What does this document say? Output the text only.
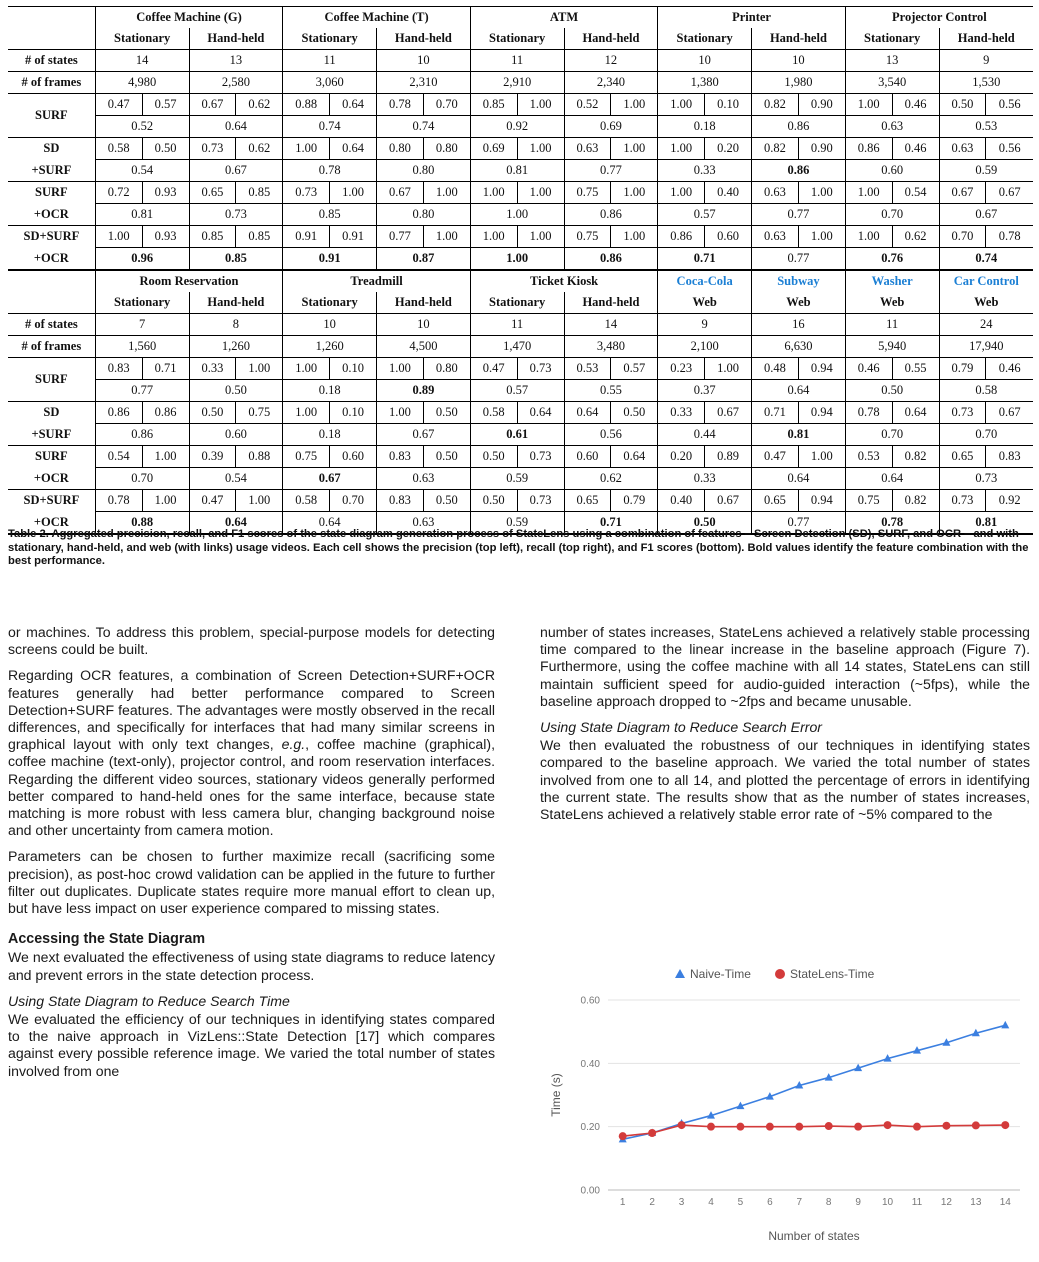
	Coffee Machine (G)				Coffee Machine (T)				ATM				Printer				Projector Control			
	Stationary		Hand-held		Stationary		Hand-held		Stationary		Hand-held		Stationary		Hand-held		Stationary		Hand-held	
# of states	14		13		11		10		11		12		10		10		13		9	
# of frames	4,980		2,580		3,060		2,310		2,910		2,340		1,380		1,980		3,540		1,530	
SURF	0.47	0.57	0.67	0.62	0.88	0.64	0.78	0.70	0.85	1.00	0.52	1.00	1.00	0.10	0.82	0.90	1.00	0.46	0.50	0.56
	0.52		0.64		0.74		0.74		0.92		0.69		0.18		0.86		0.63		0.53	
SD	0.58	0.50	0.73	0.62	1.00	0.64	0.80	0.80	0.69	1.00	0.63	1.00	1.00	0.20	0.82	0.90	0.86	0.46	0.63	0.56
+SURF	0.54		0.67		0.78		0.80		0.81		0.77		0.33		0.86		0.60		0.59	
SURF	0.72	0.93	0.65	0.85	0.73	1.00	0.67	1.00	1.00	1.00	0.75	1.00	1.00	0.40	0.63	1.00	1.00	0.54	0.67	0.67
+OCR	0.81		0.73		0.85		0.80		1.00		0.86		0.57		0.77		0.70		0.67	
SD+SURF	1.00	0.93	0.85	0.85	0.91	0.91	0.77	1.00	1.00	1.00	0.75	1.00	0.86	0.60	0.63	1.00	1.00	0.62	0.70	0.78
+OCR	0.96		0.85		0.91		0.87		1.00		0.86		0.71		0.77		0.76		0.74	
	Room Reservation				Treadmill				Ticket Kiosk				Coca-Cola		Subway		Washer		Car Control	
	Stationary		Hand-held		Stationary		Hand-held		Stationary		Hand-held		Web		Web		Web		Web	
# of states	7		8		10		10		11		14		9		16		11		24	
# of frames	1,560		1,260		1,260		4,500		1,470		3,480		2,100		6,630		5,940		17,940	
SURF	0.83	0.71	0.33	1.00	1.00	0.10	1.00	0.80	0.47	0.73	0.53	0.57	0.23	1.00	0.48	0.94	0.46	0.55	0.79	0.46
	0.77		0.50		0.18		0.89		0.57		0.55		0.37		0.64		0.50		0.58	
SD	0.86	0.86	0.50	0.75	1.00	0.10	1.00	0.50	0.58	0.64	0.64	0.50	0.33	0.67	0.71	0.94	0.78	0.64	0.73	0.67
+SURF	0.86		0.60		0.18		0.67		0.61		0.56		0.44		0.81		0.70		0.70	
SURF	0.54	1.00	0.39	0.88	0.75	0.60	0.83	0.50	0.50	0.73	0.60	0.64	0.20	0.89	0.47	1.00	0.53	0.82	0.65	0.83
+OCR	0.70		0.54		0.67		0.63		0.59		0.62		0.33		0.64		0.64		0.73	
SD+SURF	0.78	1.00	0.47	1.00	0.58	0.70	0.83	0.50	0.50	0.73	0.65	0.79	0.40	0.67	0.65	0.94	0.75	0.82	0.73	0.92
+OCR	0.88		0.64		0.64		0.63		0.59		0.71		0.50		0.77		0.78		0.81	
Table 2. Aggregated precision, recall, and F1 scores of the state diagram generation process of StateLens using a combination of features – Screen Detection (SD), SURF, and OCR – and with stationary, hand-held, and web (with links) usage videos. Each cell shows the precision (top left), recall (top right), and F1 scores (bottom). Bold values identify the feature combination with the best performance.

or machines. To address this problem, special-purpose models for detecting screens could be built.

Regarding OCR features, a combination of Screen Detection+SURF+OCR features generally had better performance compared to Screen Detection+SURF features. The advantages were mostly observed in the recall differences, and specifically for interfaces that had many similar screens in graphical layout with only text changes, e.g., coffee machine (graphical), coffee machine (text-only), projector control, and room reservation interfaces. Regarding the different video sources, stationary videos generally performed better compared to hand-held ones for the same interface, because state matching is more robust with less camera blur, changing background noise and other uncertainty from camera motion.

Parameters can be chosen to further maximize recall (sacrificing some precision), as post-hoc crowd validation can be applied in the future to further filter out duplicates. Duplicate states require more manual effort to clean up, but have less impact on user experience compared to missing states.

Accessing the State Diagram

We next evaluated the effectiveness of using state diagrams to reduce latency and prevent errors in the state detection process.

Using State Diagram to Reduce Search Time

We evaluated the efficiency of our techniques in identifying states compared to the naive approach in VizLens::State Detection [17] which compares against every possible reference image. We varied the total number of states involved from one

number of states increases, StateLens achieved a relatively stable processing time compared to the linear increase in the baseline approach (Figure 7). Furthermore, using the coffee machine with all 14 states, StateLens can still maintain sufficient speed for audio-guided interaction (~5fps), while the baseline approach dropped to ~2fps and became unusable.

Using State Diagram to Reduce Search Error

We then evaluated the robustness of our techniques in identifying states compared to the baseline approach. We varied the total number of states involved from one to all 14, and plotted the percentage of errors in identifying the current state. The results show that as the number of states increases, StateLens achieved a relatively stable error rate of ~5% compared to the

0.00
0.20
0.40
0.60
1 2 3 4 5 6 7 8 9 10 11 12 13 14
Time (s)
Number of states
Naive-Time	StateLens-Time
